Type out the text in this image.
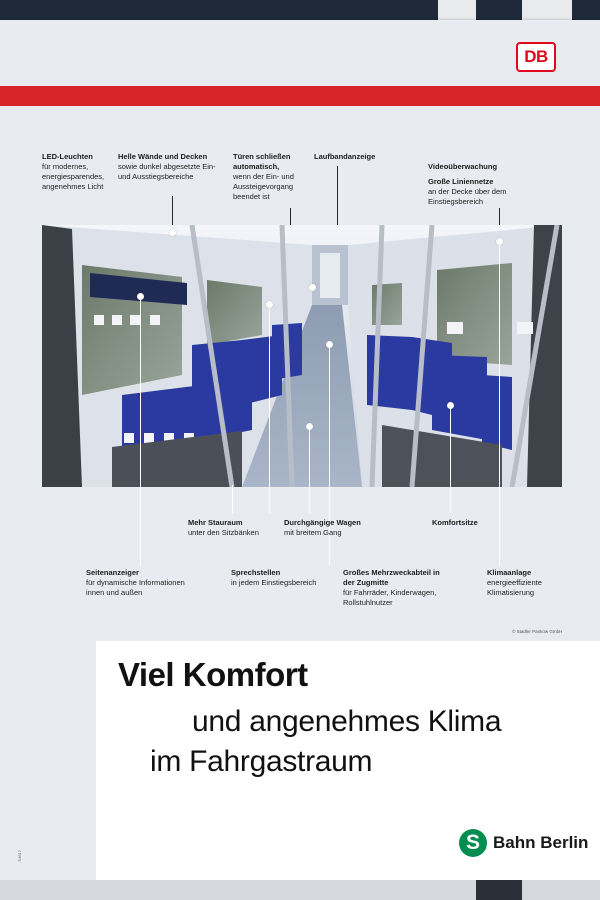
DB
LED-Leuchten
für modernes, energiesparendes, angenehmes Licht
Helle Wände und Decken
sowie dunkel abgesetzte Ein- und Ausstiegsbereiche
Türen schließen automatisch,
wenn der Ein- und Aussteigevorgang beendet ist
Laufbandanzeige
Videoüberwachung
Große Liniennetze
an der Decke über dem Einstiegsbereich
Mehr Stauraum
unter den Sitzbänken
Durchgängige Wagen
mit breitem Gang
Komfortsitze
Seitenanzeiger
für dynamische Informationen innen und außen
Sprechstellen
in jedem Einstiegsbereich
Großes Mehrzweckabteil in der Zugmitte
für Fahrräder, Kinderwagen, Rollstuhlnutzer
Klimaanlage
energieeffiziente Klimatisierung
© Stadler Pankow GmbH
Viel Komfort
und angenehmes Klima
im Fahrgastraum
S4617
S Bahn Berlin
